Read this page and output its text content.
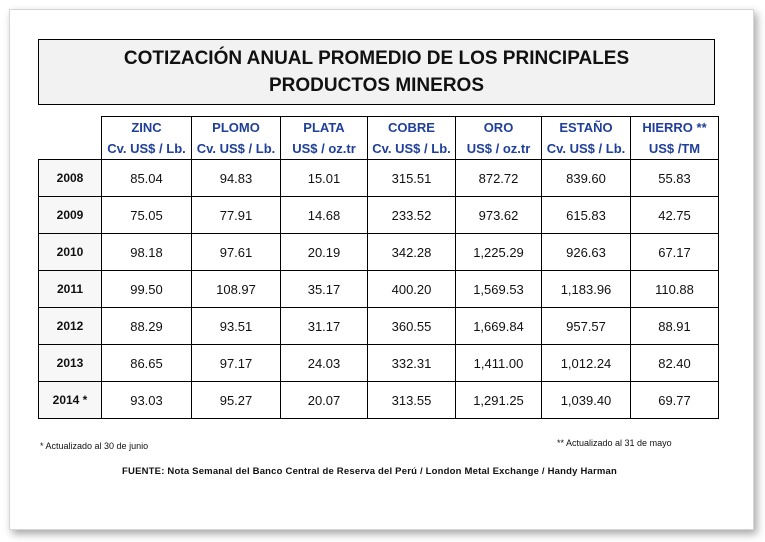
COTIZACIÓN ANUAL PROMEDIO DE LOS PRINCIPALES PRODUCTOS MINEROS
	ZINC	PLOMO	PLATA	COBRE	ORO	ESTAÑO	HIERRO **
	Cv. US$ / Lb.	Cv. US$ / Lb.	US$ / oz.tr	Cv. US$ / Lb.	US$ / oz.tr	Cv. US$ / Lb.	US$ /TM
2008	85.04	94.83	15.01	315.51	872.72	839.60	55.83
2009	75.05	77.91	14.68	233.52	973.62	615.83	42.75
2010	98.18	97.61	20.19	342.28	1,225.29	926.63	67.17
2011	99.50	108.97	35.17	400.20	1,569.53	1,183.96	110.88
2012	88.29	93.51	31.17	360.55	1,669.84	957.57	88.91
2013	86.65	97.17	24.03	332.31	1,411.00	1,012.24	82.40
2014 *	93.03	95.27	20.07	313.55	1,291.25	1,039.40	69.77
* Actualizado al 30 de junio	** Actualizado al 31 de mayo
FUENTE: Nota Semanal del Banco Central de Reserva del Perú / London Metal Exchange / Handy Harman
